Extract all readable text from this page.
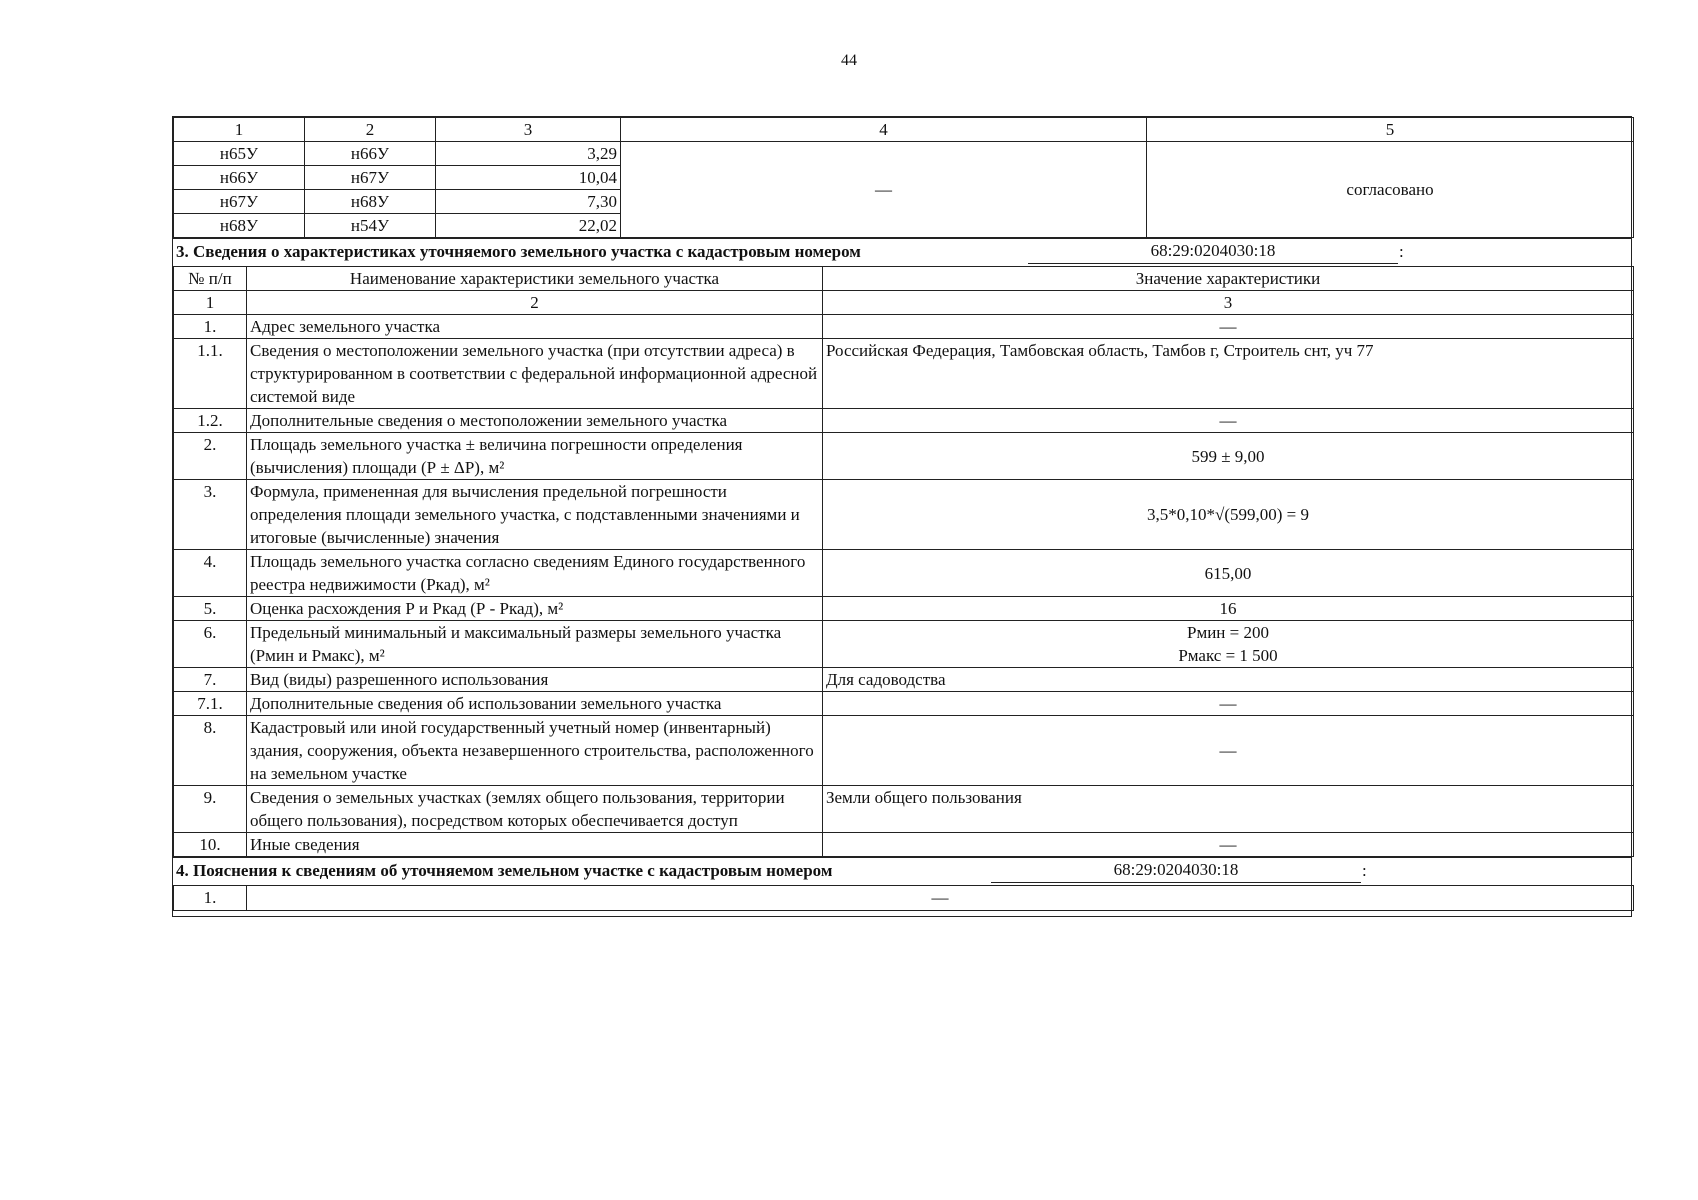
44
1	2	3	4	5
н65У	н66У	3,29	—	согласовано
н66У	н67У	10,04		
н67У	н68У	7,30		
н68У	н54У	22,02		
3. Сведения о характеристиках уточняемого земельного участка с кадастровым номером	68:29:0204030:18	:
№ п/п	Наименование характеристики земельного участка	Значение характеристики
1	2	3
1.	Адрес земельного участка	—
1.1.	Сведения о местоположении земельного участка (при отсутствии адреса) в структурированном в соответствии с федеральной информационной адресной системой виде	Российская Федерация, Тамбовская область, Тамбов г, Строитель снт, уч 77
1.2.	Дополнительные сведения о местоположении земельного участка	—
2.	Площадь земельного участка ± величина погрешности определения (вычисления) площади (Р ± ΔР), м²	599 ± 9,00
3.	Формула, примененная для вычисления предельной погрешности определения площади земельного участка, с подставленными значениями и итоговые (вычисленные) значения	3,5*0,10*√(599,00) = 9
4.	Площадь земельного участка согласно сведениям Единого государственного реестра недвижимости (Ркад), м²	615,00
5.	Оценка расхождения Р и Ркад (Р - Ркад), м²	16
6.	Предельный минимальный и максимальный размеры земельного участка (Рмин и Рмакс), м²	Рмин = 200
Рмакс = 1 500

7.	Вид (виды) разрешенного использования	Для садоводства
7.1.	Дополнительные сведения об использовании земельного участка	—
8.	Кадастровый или иной государственный учетный номер (инвентарный) здания, сооружения, объекта незавершенного строительства, расположенного на земельном участке	—
9.	Сведения о земельных участках (землях общего пользования, территории общего пользования), посредством которых обеспечивается доступ	Земли общего пользования
10.	Иные сведения	—
4. Пояснения к сведениям об уточняемом земельном участке с кадастровым номером	68:29:0204030:18	:
1.	—
